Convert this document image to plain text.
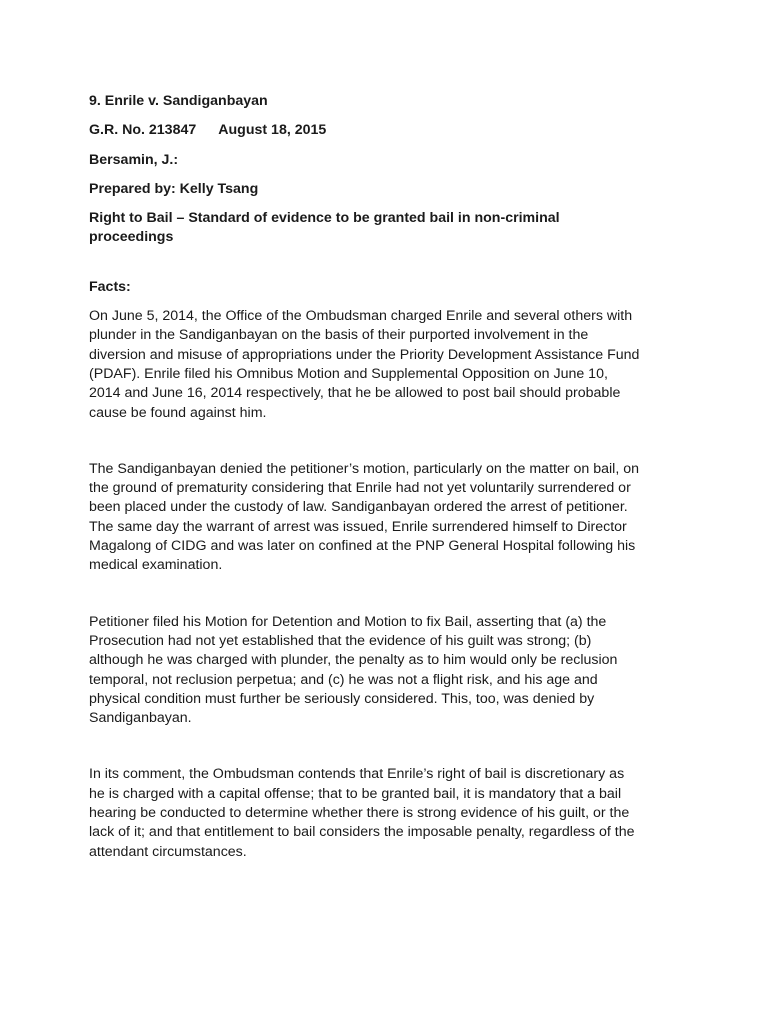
9. Enrile v. Sandiganbayan

G.R. No. 213847 August 18, 2015

Bersamin, J.:

Prepared by: Kelly Tsang

Right to Bail – Standard of evidence to be granted bail in non-criminal
proceedings

Facts:

On June 5, 2014, the Office of the Ombudsman charged Enrile and several others with
plunder in the Sandiganbayan on the basis of their purported involvement in the
diversion and misuse of appropriations under the Priority Development Assistance Fund
(PDAF). Enrile filed his Omnibus Motion and Supplemental Opposition on June 10,
2014 and June 16, 2014 respectively, that he be allowed to post bail should probable
cause be found against him.

The Sandiganbayan denied the petitioner’s motion, particularly on the matter on bail, on
the ground of prematurity considering that Enrile had not yet voluntarily surrendered or
been placed under the custody of law. Sandiganbayan ordered the arrest of petitioner.
The same day the warrant of arrest was issued, Enrile surrendered himself to Director
Magalong of CIDG and was later on confined at the PNP General Hospital following his
medical examination.

Petitioner filed his Motion for Detention and Motion to fix Bail, asserting that (a) the
Prosecution had not yet established that the evidence of his guilt was strong; (b)
although he was charged with plunder, the penalty as to him would only be reclusion
temporal, not reclusion perpetua; and (c) he was not a flight risk, and his age and
physical condition must further be seriously considered. This, too, was denied by
Sandiganbayan.

In its comment, the Ombudsman contends that Enrile’s right of bail is discretionary as
he is charged with a capital offense; that to be granted bail, it is mandatory that a bail
hearing be conducted to determine whether there is strong evidence of his guilt, or the
lack of it; and that entitlement to bail considers the imposable penalty, regardless of the
attendant circumstances.
